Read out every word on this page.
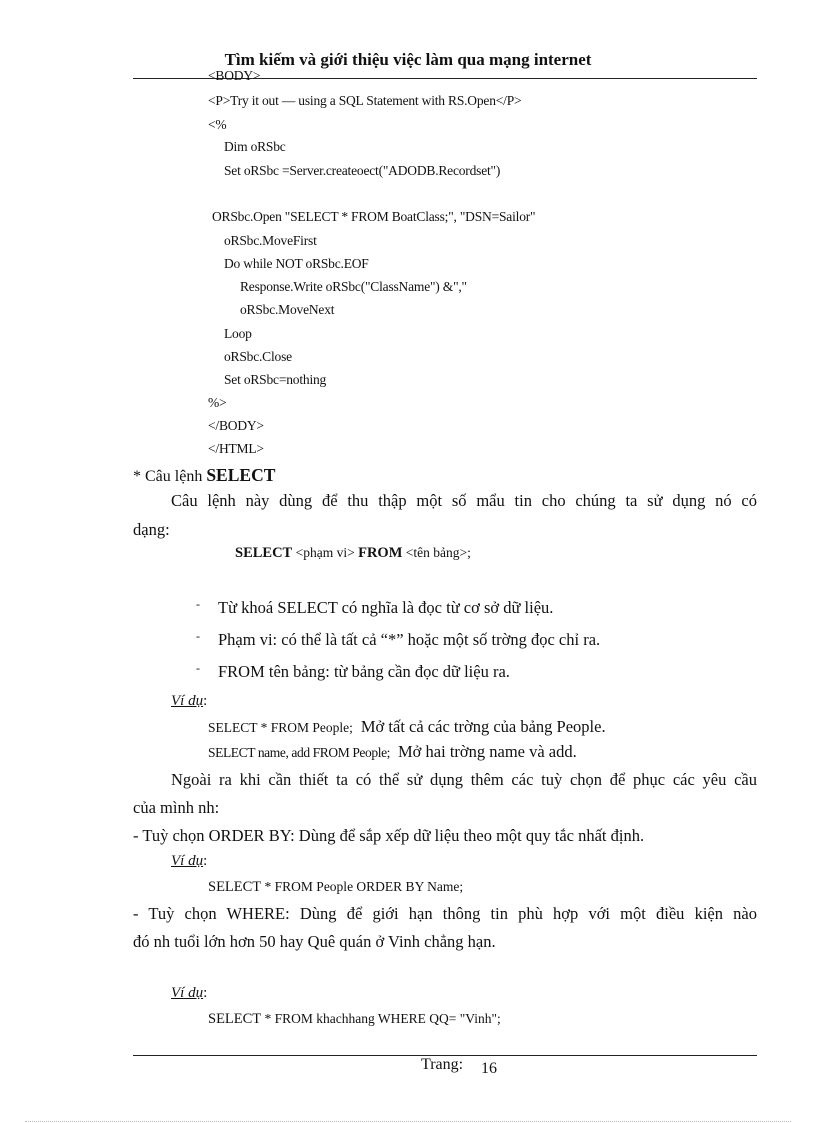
Tìm kiếm và giới thiệu việc làm qua mạng internet
<BODY>
<P>Try it out — using a SQL Statement with RS.Open</P>
<%
Dim oRSbc
Set oRSbc =Server.createoect("ADODB.Recordset")
ORSbc.Open "SELECT * FROM BoatClass;", "DSN=Sailor"
oRSbc.MoveFirst
Do while NOT oRSbc.EOF
Response.Write oRSbc("ClassName") &","
oRSbc.MoveNext
Loop
oRSbc.Close
Set oRSbc=nothing
%>
</BODY>
</HTML>
* Câu lệnh SELECT
Câu lệnh này dùng để thu thập một số mẩu tin cho chúng ta sử dụng nó có
dạng:
SELECT <phạm vi> FROM <tên bảng>;
- Từ khoá SELECT có nghĩa là đọc từ cơ sở dữ liệu.
- Phạm vi: có thể là tất cả “*” hoặc một số trờng đọc chỉ ra.
- FROM tên bảng: từ bảng cần đọc dữ liệu ra.
Ví dụ:
SELECT * FROM People; Mở tất cả các trờng của bảng People.
SELECT name, add FROM People; Mở hai trờng name và add.
Ngoài ra khi cần thiết ta có thể sử dụng thêm các tuỳ chọn để phục các yêu cầu
của mình nh:
- Tuỳ chọn ORDER BY: Dùng để sắp xếp dữ liệu theo một quy tắc nhất định.
Ví dụ:
SELECT * FROM People ORDER BY Name;
- Tuỳ chọn WHERE: Dùng để giới hạn thông tin phù hợp với một điều kiện nào
đó nh tuổi lớn hơn 50 hay Quê quán ở Vinh chẳng hạn.
Ví dụ:
SELECT * FROM khachhang WHERE QQ= "Vinh";
Trang: 16
